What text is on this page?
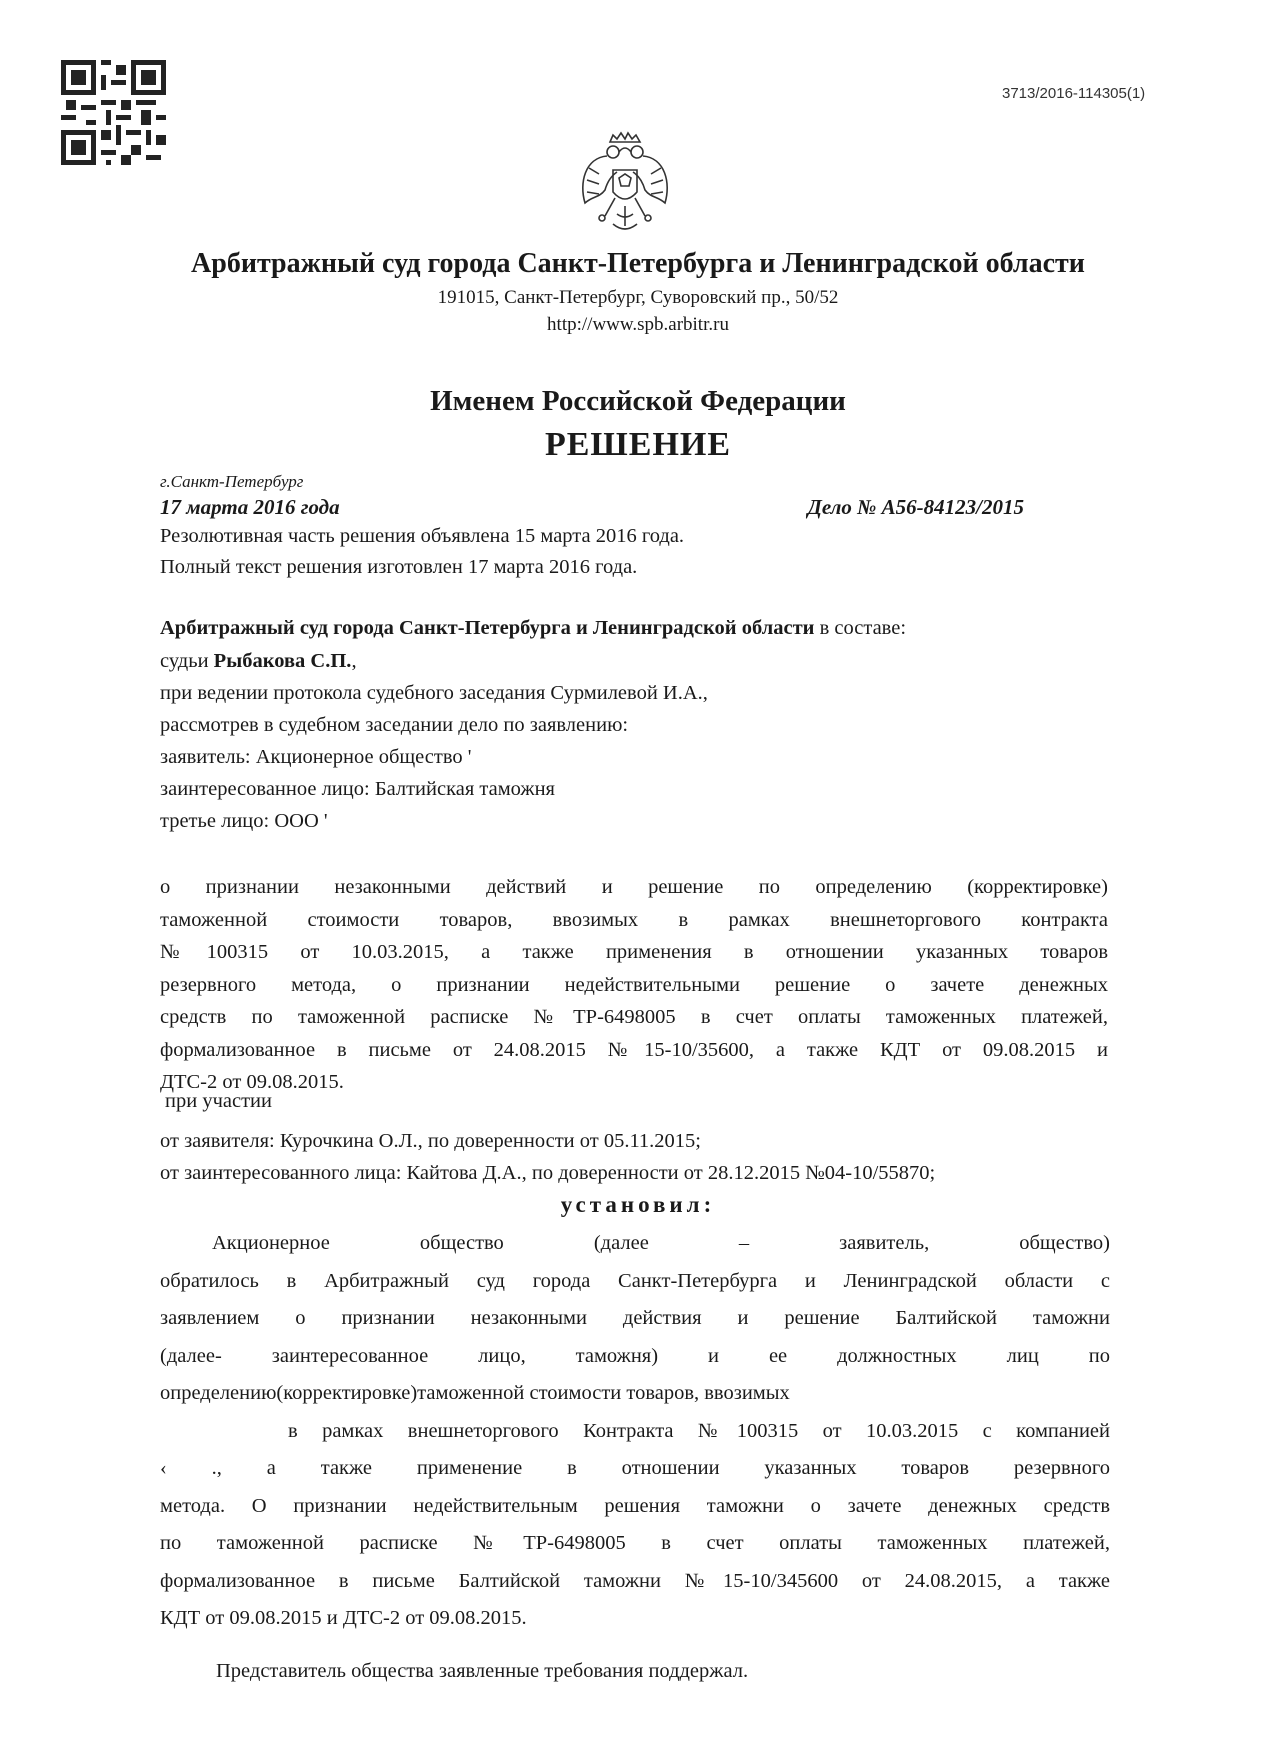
3713/2016-114305(1)
Арбитражный суд города Санкт-Петербурга и Ленинградской области
191015, Санкт-Петербург, Суворовский пр., 50/52
http://www.spb.arbitr.ru
Именем Российской Федерации
РЕШЕНИЕ
г.Санкт-Петербург
17 марта 2016 года	Дело № А56-84123/2015
Резолютивная часть решения объявлена 15 марта 2016 года.
Полный текст решения изготовлен 17 марта 2016 года.
Арбитражный суд города Санкт-Петербурга и Ленинградской области в составе:
судьи Рыбакова С.П.,
при ведении протокола судебного заседания Сурмилевой И.А.,
рассмотрев в судебном заседании дело по заявлению:
заявитель: Акционерное общество '
заинтересованное лицо: Балтийская таможня
третье лицо: ООО '
о признании незаконными действий и решение по определению (корректировке)
таможенной стоимости товаров, ввозимых в рамках внешнеторгового контракта
№100315 от 10.03.2015, а также применения в отношении указанных товаров
резервного метода, о признании недействительными решение о зачете денежных
средств по таможенной расписке №ТР-6498005 в счет оплаты таможенных платежей,
формализованное в письме от 24.08.2015 №15-10/35600, а также КДТ от 09.08.2015 и
ДТС-2 от 09.08.2015.
при участии
от заявителя: Курочкина О.Л., по доверенности от 05.11.2015;
от заинтересованного лица: Кайтова Д.А., по доверенности от 28.12.2015 №04-10/55870;
установил:
Акционерное общество (далее – заявитель, общество)
обратилось в Арбитражный суд города Санкт-Петербурга и Ленинградской области с
заявлением о признании незаконными действия и решение Балтийской таможни
(далее- заинтересованное лицо, таможня) и ее должностных лиц по
определению(корректировке)таможенной стоимости товаров, ввозимых
в рамках внешнеторгового Контракта №100315 от 10.03.2015 с компанией
‹ ., а также применение в отношении указанных товаров резервного
метода. О признании недействительным решения таможни о зачете денежных средств
по таможенной расписке №ТР-6498005 в счет оплаты таможенных платежей,
формализованное в письме Балтийской таможни №15-10/345600 от 24.08.2015, а также
КДТ от 09.08.2015 и ДТС-2 от 09.08.2015.
Представитель общества заявленные требования поддержал.
